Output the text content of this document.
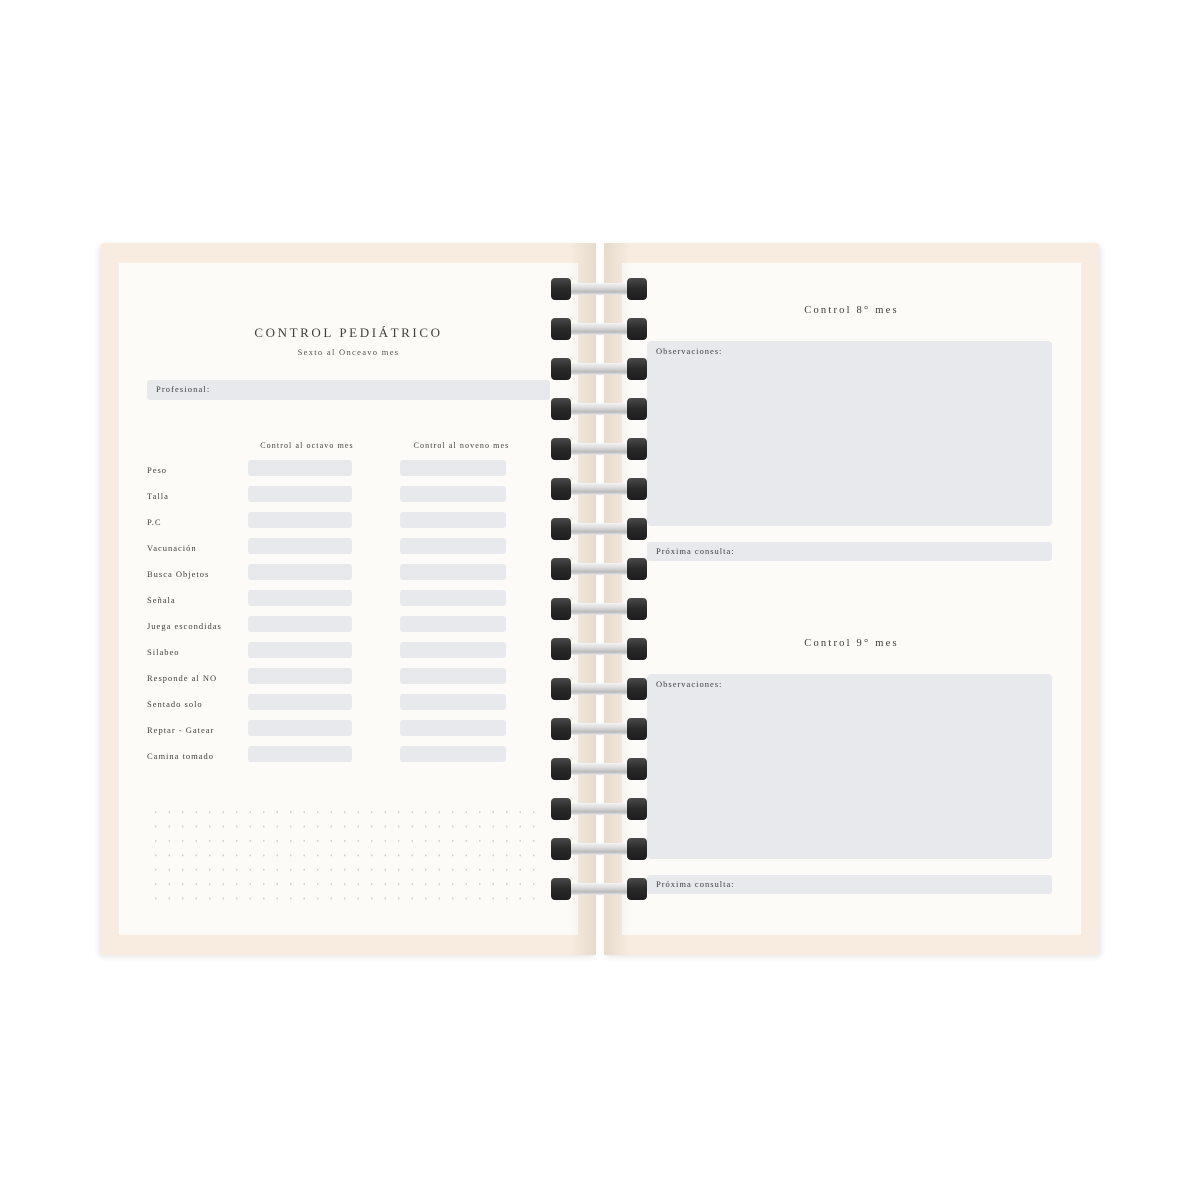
CONTROL PEDIÁTRICO
Sexto al Onceavo mes
Profesional:
Control al octavo mes	Control al noveno mes
Peso
Talla
P.C
Vacunación
Busca Objetos
Señala
Juega escondidas
Silabeo
Responde al NO
Sentado solo
Reptar - Gatear
Camina tomado
Control 8° mes
Observaciones:
Próxima consulta:
Control 9° mes
Observaciones:
Próxima consulta:
